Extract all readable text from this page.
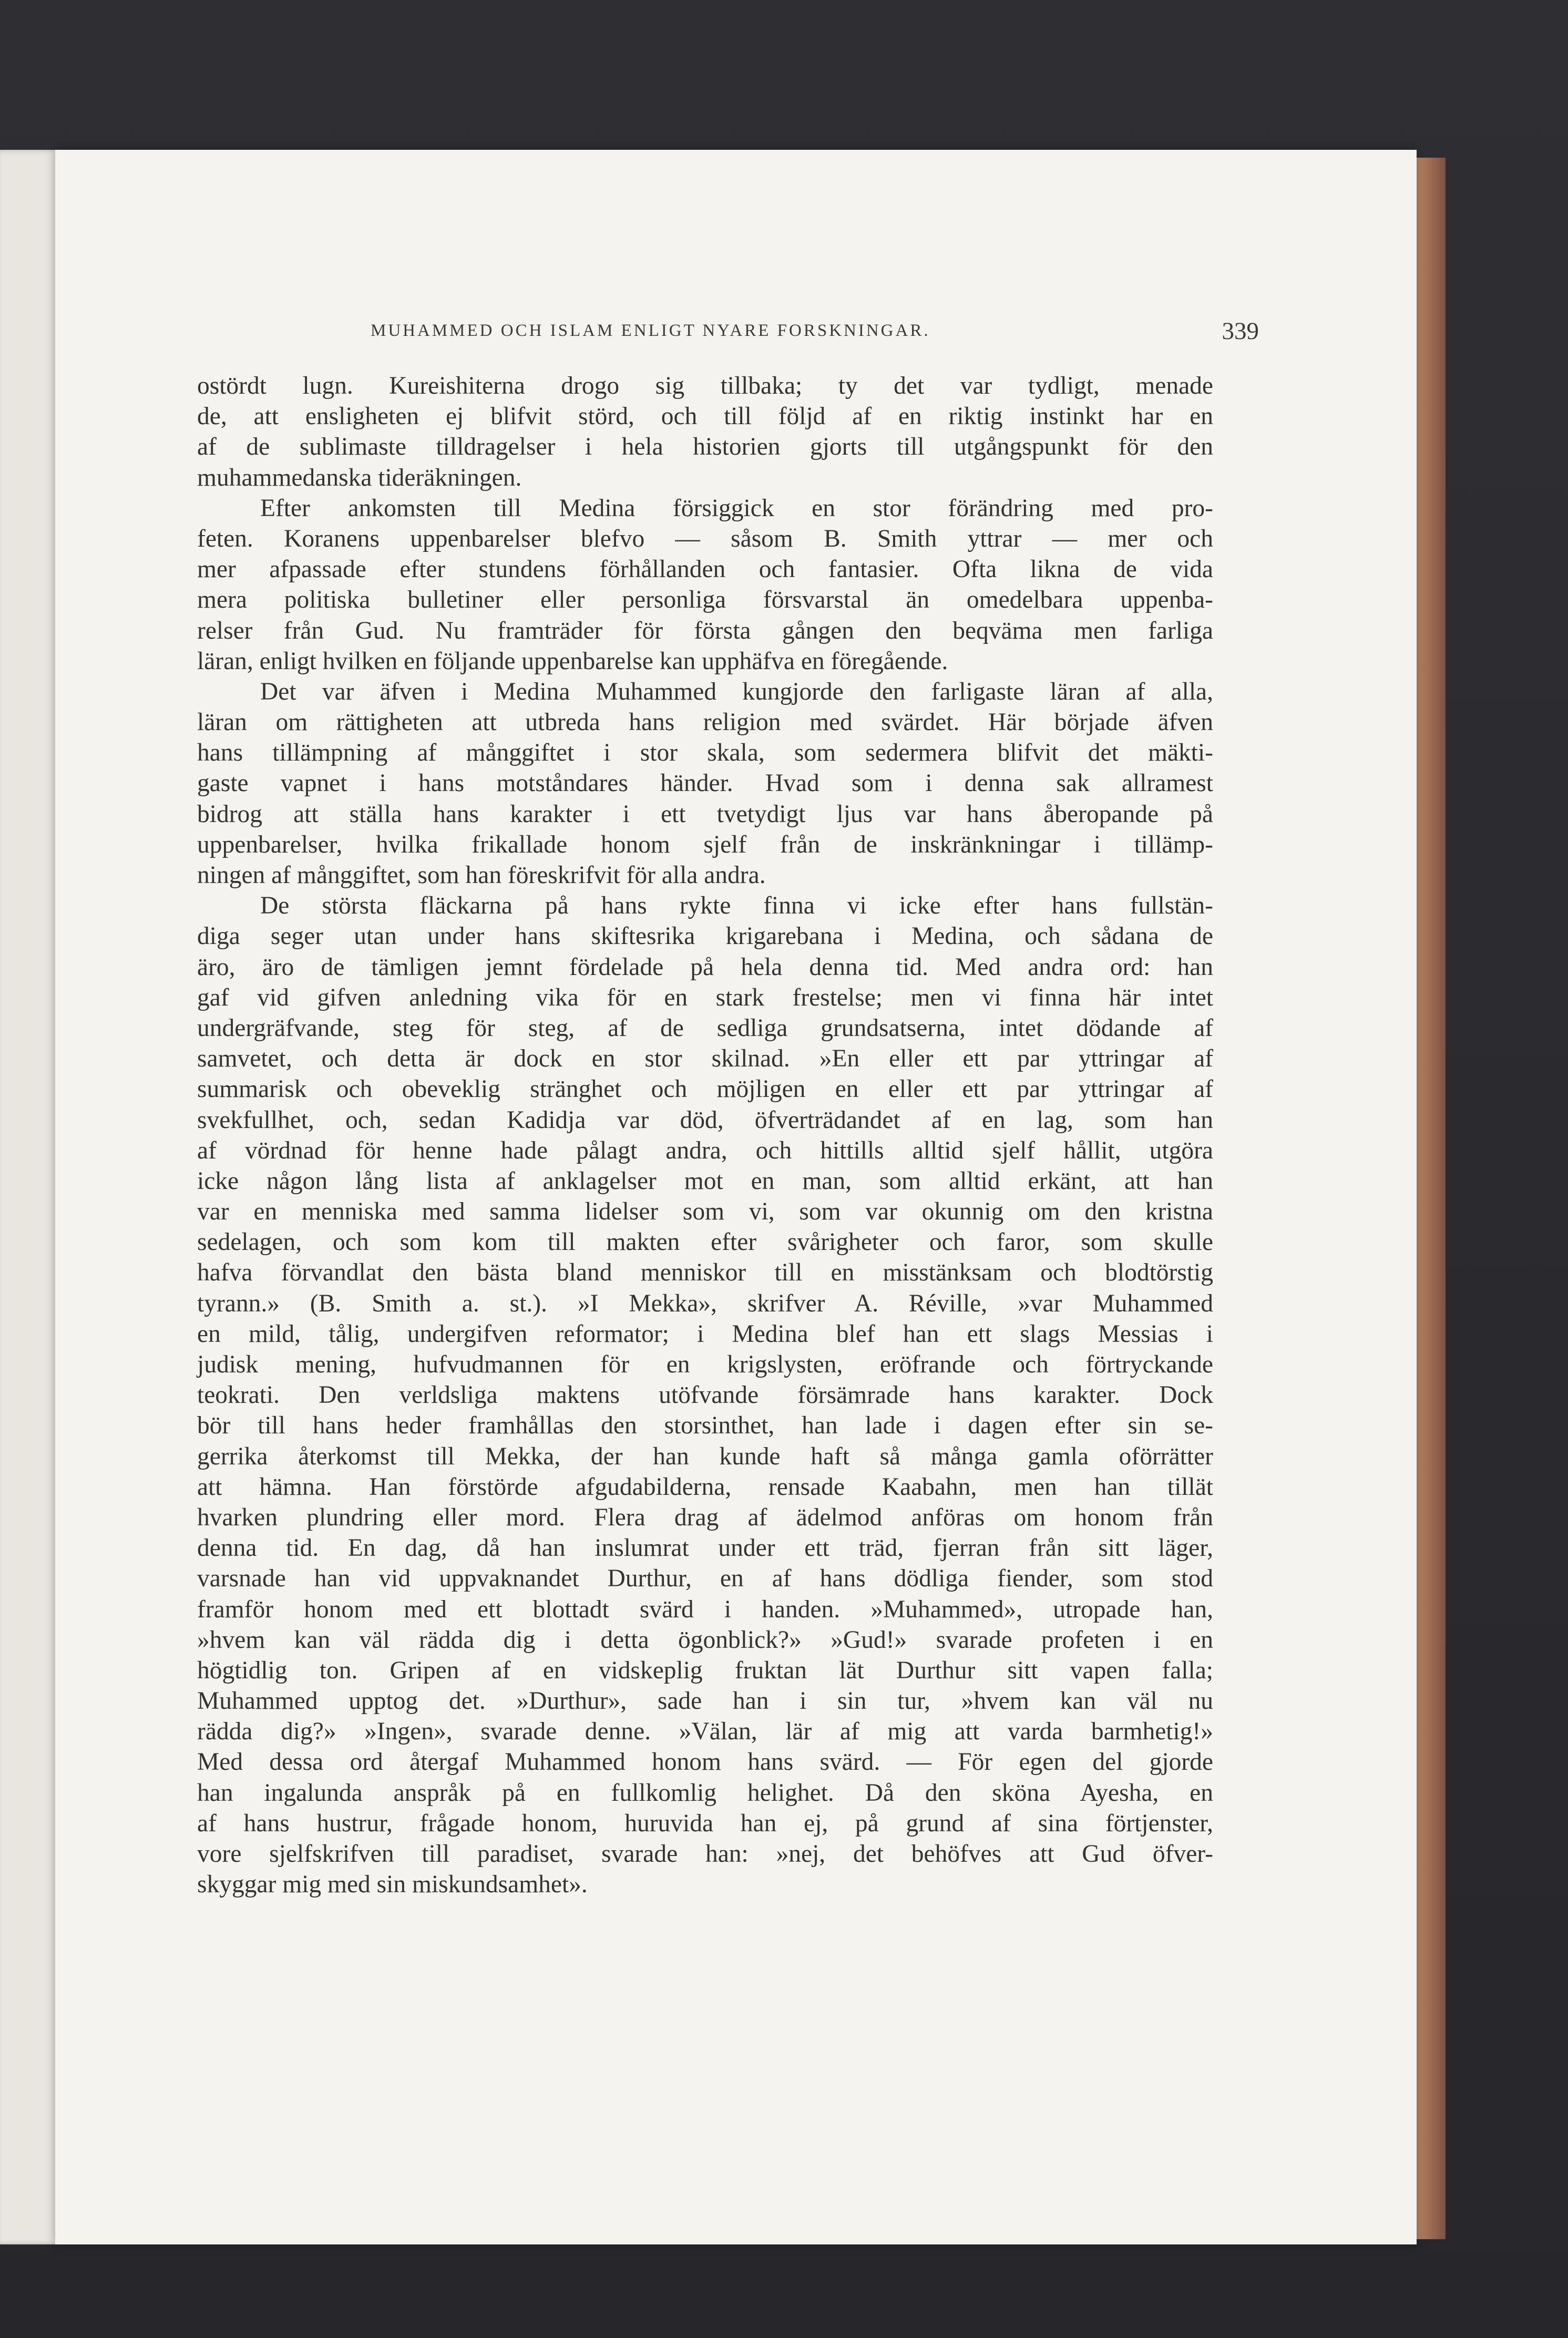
MUHAMMED OCH ISLAM ENLIGT NYARE FORSKNINGAR.	339
ostördt lugn. Kureishiterna drogo sig tillbaka; ty det var tydligt, menade
de, att ensligheten ej blifvit störd, och till följd af en riktig instinkt har en
af de sublimaste tilldragelser i hela historien gjorts till utgångspunkt för den
muhammedanska tideräkningen.
Efter ankomsten till Medina försiggick en stor förändring med pro-
feten. Koranens uppenbarelser blefvo — såsom B. Smith yttrar — mer och
mer afpassade efter stundens förhållanden och fantasier. Ofta likna de vida
mera politiska bulletiner eller personliga försvarstal än omedelbara uppenba-
relser från Gud. Nu framträder för första gången den beqväma men farliga
läran, enligt hvilken en följande uppenbarelse kan upphäfva en föregående.
Det var äfven i Medina Muhammed kungjorde den farligaste läran af alla,
läran om rättigheten att utbreda hans religion med svärdet. Här började äfven
hans tillämpning af månggiftet i stor skala, som sedermera blifvit det mäkti-
gaste vapnet i hans motståndares händer. Hvad som i denna sak allramest
bidrog att ställa hans karakter i ett tvetydigt ljus var hans åberopande på
uppenbarelser, hvilka frikallade honom sjelf från de inskränkningar i tillämp-
ningen af månggiftet, som han föreskrifvit för alla andra.
De största fläckarna på hans rykte finna vi icke efter hans fullstän-
diga seger utan under hans skiftesrika krigarebana i Medina, och sådana de
äro, äro de tämligen jemnt fördelade på hela denna tid. Med andra ord: han
gaf vid gifven anledning vika för en stark frestelse; men vi finna här intet
undergräfvande, steg för steg, af de sedliga grundsatserna, intet dödande af
samvetet, och detta är dock en stor skilnad. »En eller ett par yttringar af
summarisk och obeveklig stränghet och möjligen en eller ett par yttringar af
svekfullhet, och, sedan Kadidja var död, öfverträdandet af en lag, som han
af vördnad för henne hade pålagt andra, och hittills alltid sjelf hållit, utgöra
icke någon lång lista af anklagelser mot en man, som alltid erkänt, att han
var en menniska med samma lidelser som vi, som var okunnig om den kristna
sedelagen, och som kom till makten efter svårigheter och faror, som skulle
hafva förvandlat den bästa bland menniskor till en misstänksam och blodtörstig
tyrann.» (B. Smith a. st.). »I Mekka», skrifver A. Réville, »var Muhammed
en mild, tålig, undergifven reformator; i Medina blef han ett slags Messias i
judisk mening, hufvudmannen för en krigslysten, eröfrande och förtryckande
teokrati. Den verldsliga maktens utöfvande försämrade hans karakter. Dock
bör till hans heder framhållas den storsinthet, han lade i dagen efter sin se-
gerrika återkomst till Mekka, der han kunde haft så många gamla oförrätter
att hämna. Han förstörde afgudabilderna, rensade Kaabahn, men han tillät
hvarken plundring eller mord. Flera drag af ädelmod anföras om honom från
denna tid. En dag, då han inslumrat under ett träd, fjerran från sitt läger,
varsnade han vid uppvaknandet Durthur, en af hans dödliga fiender, som stod
framför honom med ett blottadt svärd i handen. »Muhammed», utropade han,
»hvem kan väl rädda dig i detta ögonblick?» »Gud!» svarade profeten i en
högtidlig ton. Gripen af en vidskeplig fruktan lät Durthur sitt vapen falla;
Muhammed upptog det. »Durthur», sade han i sin tur, »hvem kan väl nu
rädda dig?» »Ingen», svarade denne. »Välan, lär af mig att varda barmhetig!»
Med dessa ord återgaf Muhammed honom hans svärd. — För egen del gjorde
han ingalunda anspråk på en fullkomlig helighet. Då den sköna Ayesha, en
af hans hustrur, frågade honom, huruvida han ej, på grund af sina förtjenster,
vore sjelfskrifven till paradiset, svarade han: »nej, det behöfves att Gud öfver-
skyggar mig med sin miskundsamhet».
